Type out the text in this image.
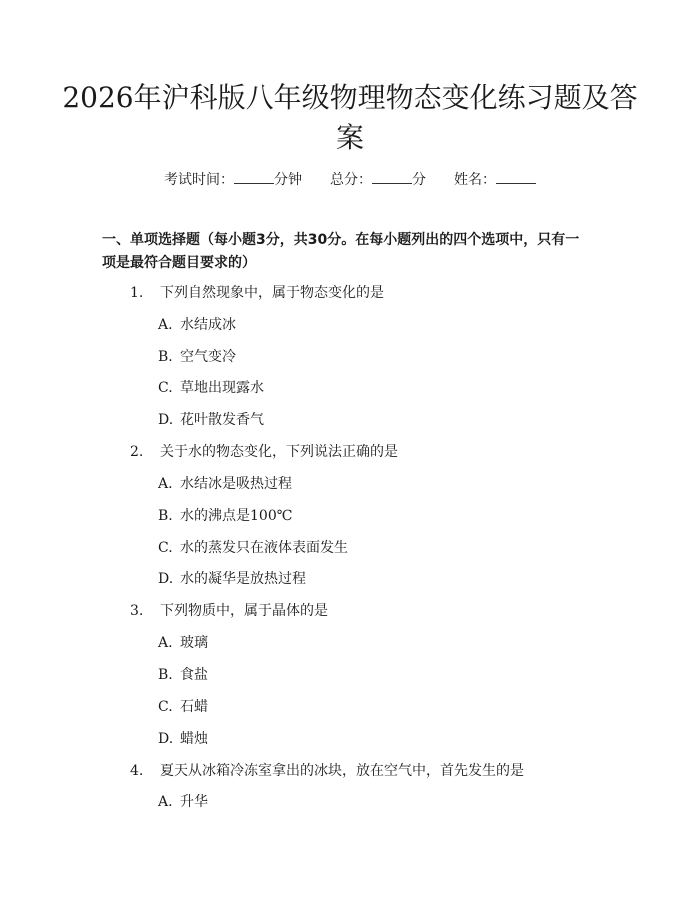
2026年沪科版八年级物理物态变化练习题及答案
考试时间：	分钟 总分：	分 姓名：
一、单项选择题（每小题3分，共30分。在每小题列出的四个选项中，只有一项是最符合题目要求的）
1. 下列自然现象中，属于物态变化的是
A. 水结成冰
B. 空气变冷
C. 草地出现露水
D. 花叶散发香气
2. 关于水的物态变化，下列说法正确的是
A. 水结冰是吸热过程
B. 水的沸点是100℃
C. 水的蒸发只在液体表面发生
D. 水的凝华是放热过程
3. 下列物质中，属于晶体的是
A. 玻璃
B. 食盐
C. 石蜡
D. 蜡烛
4. 夏天从冰箱冷冻室拿出的冰块，放在空气中，首先发生的是
A. 升华
